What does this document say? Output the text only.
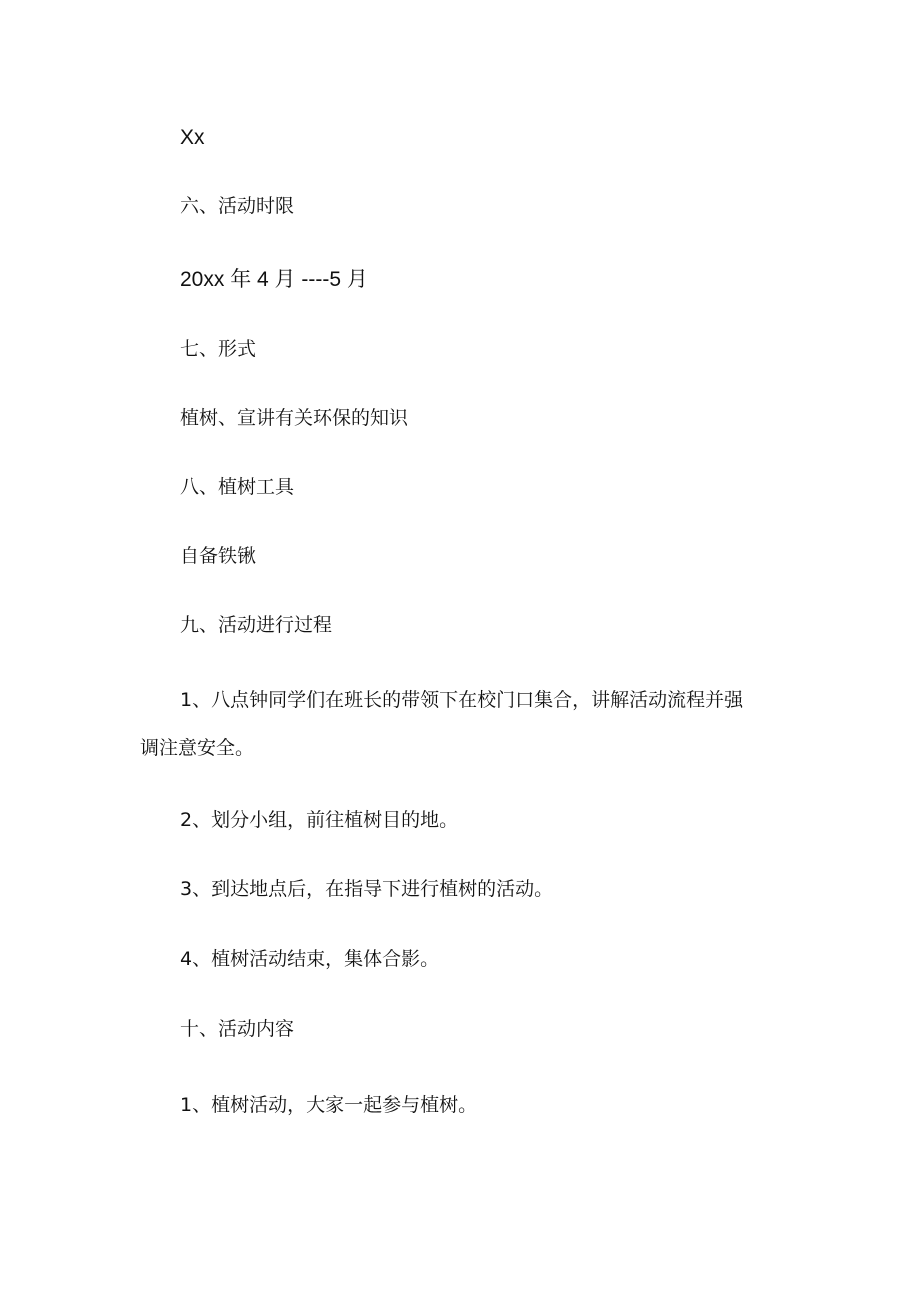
Xx
六、活动时限
20xx 年 4 月 ----5 月
七、形式
植树、宣讲有关环保的知识
八、植树工具
自备铁锹
九、活动进行过程
1、八点钟同学们在班长的带领下在校门口集合，讲解活动流程并强
调注意安全。
2、划分小组，前往植树目的地。
3、到达地点后，在指导下进行植树的活动。
4、植树活动结束，集体合影。
十、活动内容
1、植树活动，大家一起参与植树。
